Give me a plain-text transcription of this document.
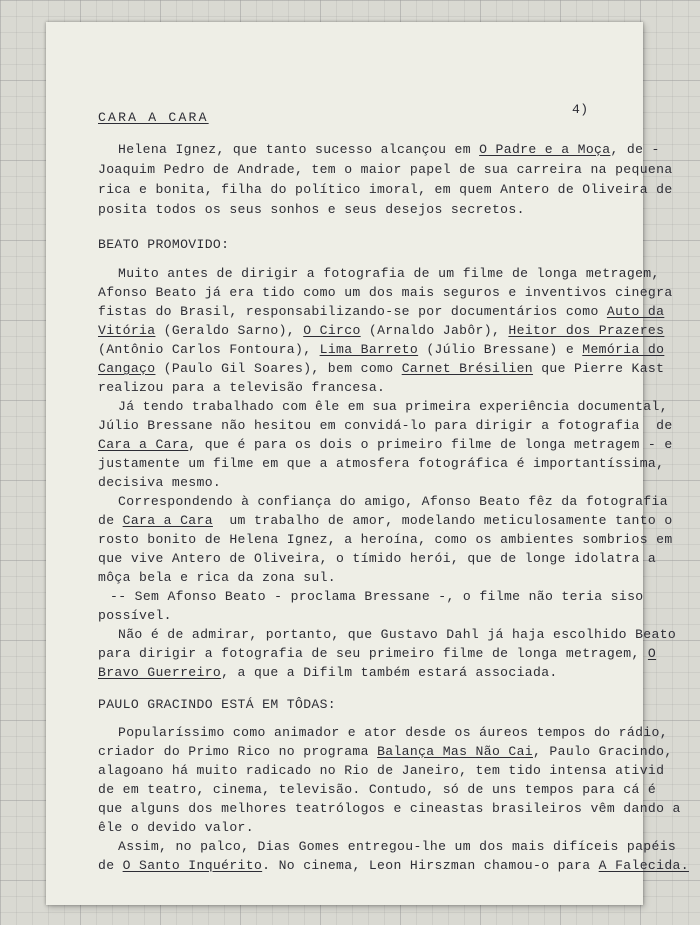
CARA A CARA

4)

Helena Ignez, que tanto sucesso alcançou em O Padre e a Moça, de -

Joaquim Pedro de Andrade, tem o maior papel de sua carreira na pequena

rica e bonita, filha do político imoral, em quem Antero de Oliveira de

posita todos os seus sonhos e seus desejos secretos.

BEATO PROMOVIDO:

Muito antes de dirigir a fotografia de um filme de longa metragem,

Afonso Beato já era tido como um dos mais seguros e inventivos cinegra

fistas do Brasil, responsabilizando-se por documentários como Auto da

Vitória (Geraldo Sarno), O Circo (Arnaldo Jabôr), Heitor dos Prazeres

(Antônio Carlos Fontoura), Lima Barreto (Júlio Bressane) e Memória do

Cangaço (Paulo Gil Soares), bem como Carnet Brésilien que Pierre Kast

realizou para a televisão francesa.

Já tendo trabalhado com êle em sua primeira experiência documental,

Júlio Bressane não hesitou em convidá-lo para dirigir a fotografia  de

Cara a Cara, que é para os dois o primeiro filme de longa metragem - e

justamente um filme em que a atmosfera fotográfica é importantíssima,

decisiva mesmo.

Correspondendo à confiança do amigo, Afonso Beato fêz da fotografia

de Cara a Cara  um trabalho de amor, modelando meticulosamente tanto o

rosto bonito de Helena Ignez, a heroína, como os ambientes sombrios em

que vive Antero de Oliveira, o tímido herói, que de longe idolatra a

môça bela e rica da zona sul.

-- Sem Afonso Beato - proclama Bressane -, o filme não teria siso

possível.

Não é de admirar, portanto, que Gustavo Dahl já haja escolhido Beato

para dirigir a fotografia de seu primeiro filme de longa metragem, O

Bravo Guerreiro, a que a Difilm também estará associada.

PAULO GRACINDO ESTÁ EM TÔDAS:

Popularíssimo como animador e ator desde os áureos tempos do rádio,

criador do Primo Rico no programa Balança Mas Não Cai, Paulo Gracindo,

alagoano há muito radicado no Rio de Janeiro, tem tido intensa ativid

de em teatro, cinema, televisão. Contudo, só de uns tempos para cá é

que alguns dos melhores teatrólogos e cineastas brasileiros vêm dando a

êle o devido valor.

Assim, no palco, Dias Gomes entregou-lhe um dos mais difíceis papéis

de O Santo Inquérito. No cinema, Leon Hirszman chamou-o para A Falecida.
